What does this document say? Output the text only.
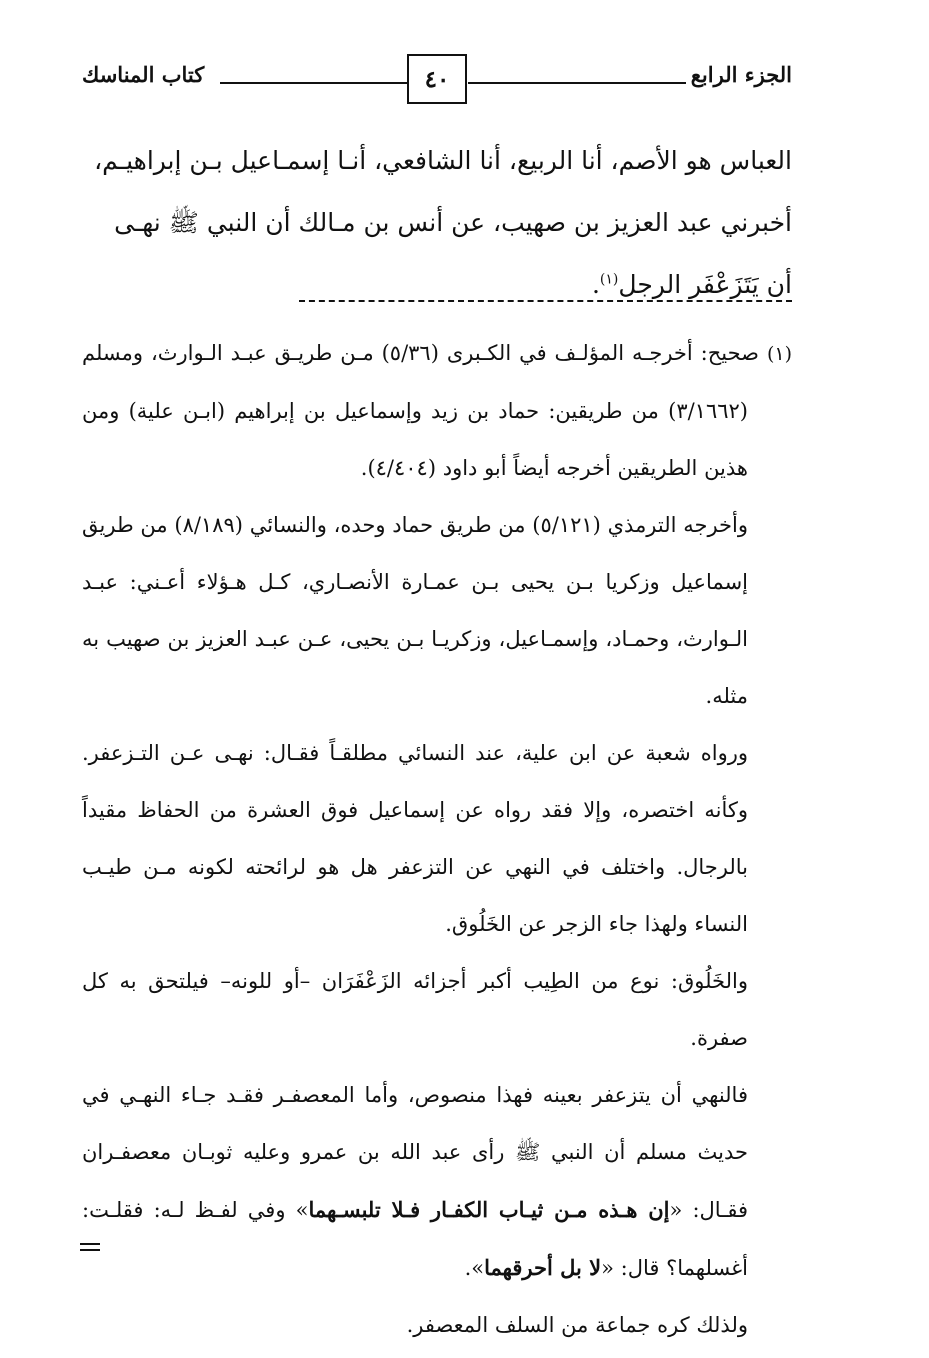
الجزء الرابع
٤٠
كتاب المناسك

العباس هو الأصم، أنا الربيع، أنا الشافعي، أنـا إسمـاعيل بـن إبراهيـم،

أخبرني عبد العزيز بن صهيب، عن أنس بن مـالك أن النبي ﷺ نهـى

أن يَتَزَعْفَر الرجل$^{(١)}$.

(١) صحيح: أخرجـه المؤلـف في الكـبرى (٥/٣٦) مـن طريـق عبـد الـوارث، ومسلم (٣/١٦٦٢) من طريقين: حماد بن زيد وإسماعيل بن إبراهيم (ابـن علية) ومن هذين الطريقين أخرجه أيضاً أبو داود (٤/٤٠٤).

وأخرجه الترمذي (٥/١٢١) من طريق حماد وحده، والنسائي (٨/١٨٩) من طريق إسماعيل وزكريا بـن يحيى بـن عمـارة الأنصـاري، كـل هـؤلاء أعـني: عبـد الـوارث، وحمـاد، وإسمـاعيل، وزكريـا بـن يحيى، عـن عبـد العزيز بن صهيب به مثله.

ورواه شعبة عن ابن علية، عند النسائي مطلقـاً فقـال: نهـى عـن التـزعفر. وكأنه اختصره، وإلا فقد رواه عن إسماعيل فوق العشرة من الحفاظ مقيداً بالرجال. واختلف في النهي عن التزعفر هل هو لرائحته لكونه مـن طيـب النساء ولهذا جاء الزجر عن الخَلُوق.

والخَلُوق: نوع من الطِيب أكبر أجزائه الزَعْفَرَان –أو للونه– فيلتحق به كل صفرة.

فالنهي أن يتزعفر بعينه فهذا منصوص، وأما المعصفـر فقـد جـاء النهـي في حديث مسلم أن النبي ﷺ رأى عبد الله بن عمرو وعليه ثوبـان معصفـران فقـال: «إن هـذه مـن ثيـاب الكفـار فـلا تلبسـهما» وفي لفـظ لـه: فقلـت: أغسلهما؟ قال: «لا بل أحرقهما».

ولذلك كره جماعة من السلف المعصفر.
